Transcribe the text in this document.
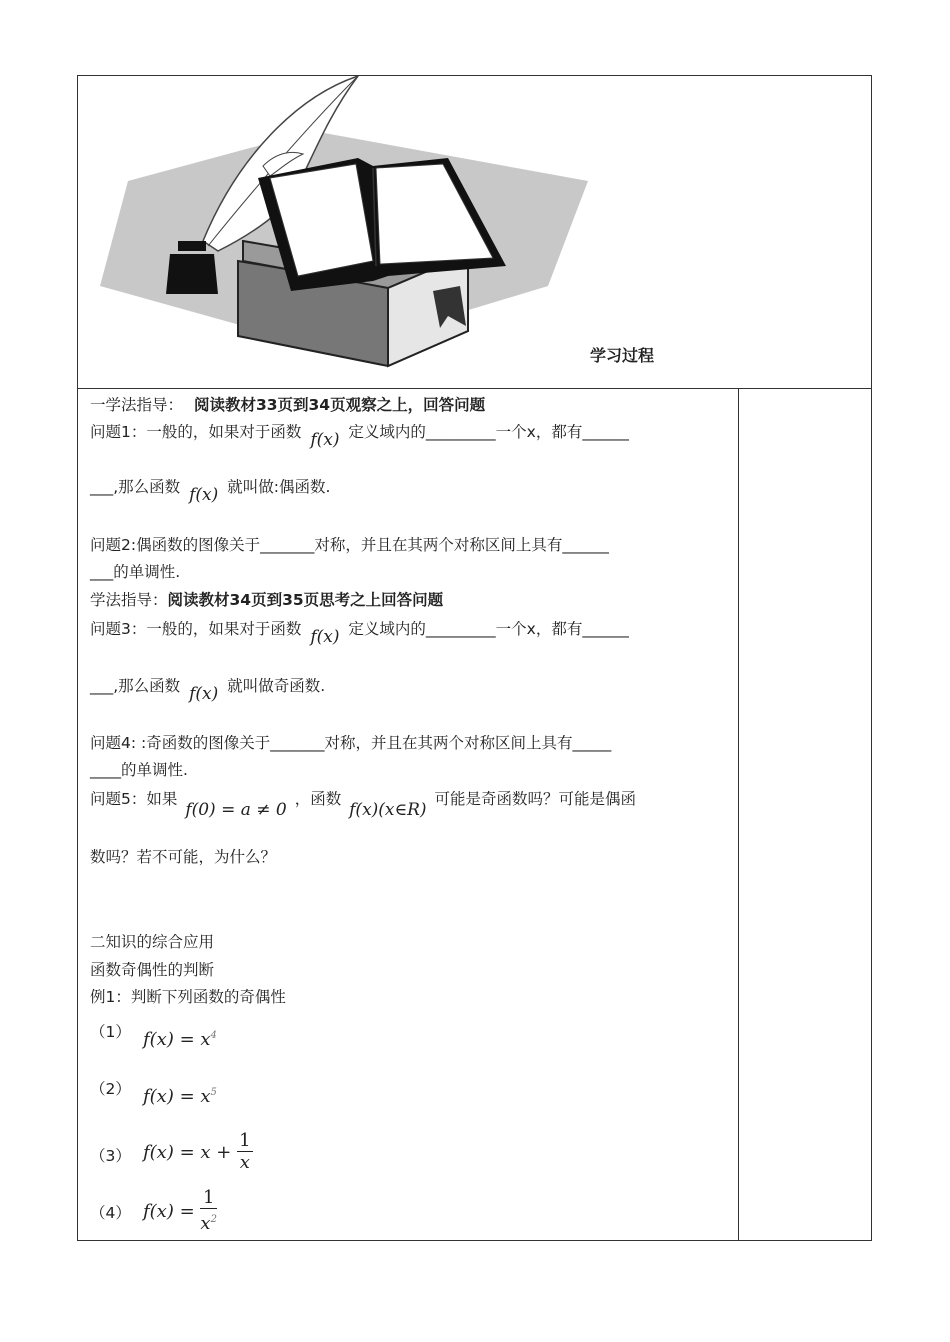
学习过程
一学法指导： 阅读教材33页到34页观察之上，回答问题
问题1：一般的，如果对于函数 f(x) 定义域内的_________一个x，都有______
___,那么函数 f(x) 就叫做:偶函数.
问题2:偶函数的图像关于_______对称，并且在其两个对称区间上具有______
___的单调性.
学法指导：阅读教材34页到35页思考之上回答问题
问题3：一般的，如果对于函数 f(x) 定义域内的_________一个x，都有______
___,那么函数 f(x) 就叫做奇函数.
问题4: :奇函数的图像关于_______对称，并且在其两个对称区间上具有_____
____的单调性.
问题5：如果 f(0) = a ≠ 0 ，函数 f(x)(x∈R) 可能是奇函数吗？可能是偶函
数吗？若不可能，为什么？
二知识的综合应用
函数奇偶性的判断
例1：判断下列函数的奇偶性
（1） $f(x) = x^4$
（2） $f(x) = x^5$
（3） $f(x) = x + \frac{1}{x}$
（4） $f(x) = \frac{1}{x^2}$
